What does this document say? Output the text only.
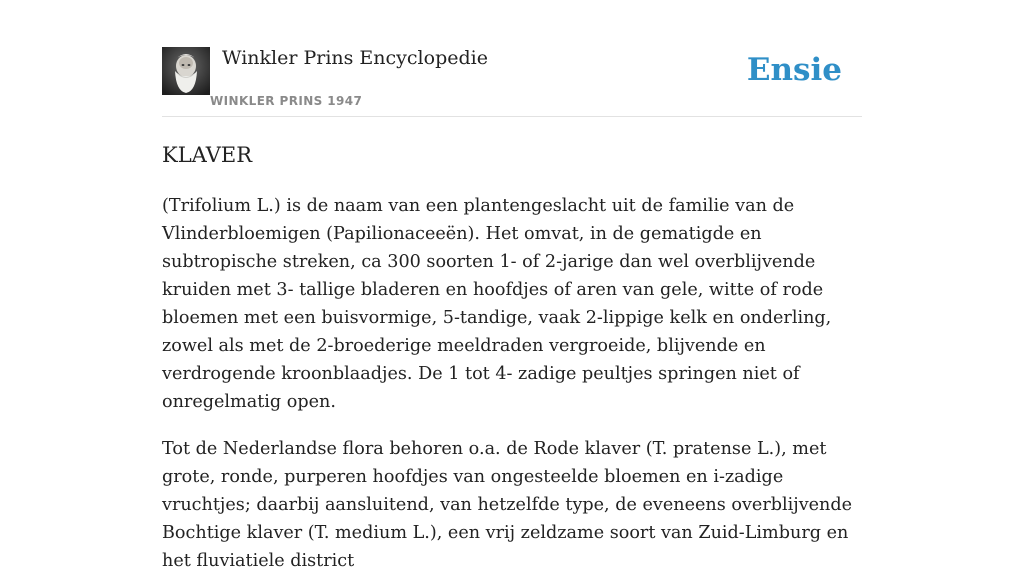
Winkler Prins Encyclopedie
WINKLER PRINS 1947
Ensie
KLAVER

(Trifolium L.) is de naam van een plantengeslacht uit de familie van de Vlinderbloemigen (Papilionaceeën). Het omvat, in de gematigde en subtropische streken, ca 300 soorten 1- of 2-jarige dan wel overblijvende kruiden met 3- tallige bladeren en hoofdjes of aren van gele, witte of rode bloemen met een buisvormige, 5-tandige, vaak 2-lippige kelk en onderling, zowel als met de 2-broederige meeldraden vergroeide, blijvende en verdrogende kroonblaadjes. De 1 tot 4- zadige peultjes springen niet of onregelmatig open.

Tot de Nederlandse flora behoren o.a. de Rode klaver (T. pratense L.), met grote, ronde, purperen hoofdjes van ongesteelde bloemen en i-zadige vruchtjes; daarbij aansluitend, van hetzelfde type, de eveneens overblijvende Bochtige klaver (T. medium L.), een vrij zeldzame soort van Zuid-Limburg en het fluviatiele district
